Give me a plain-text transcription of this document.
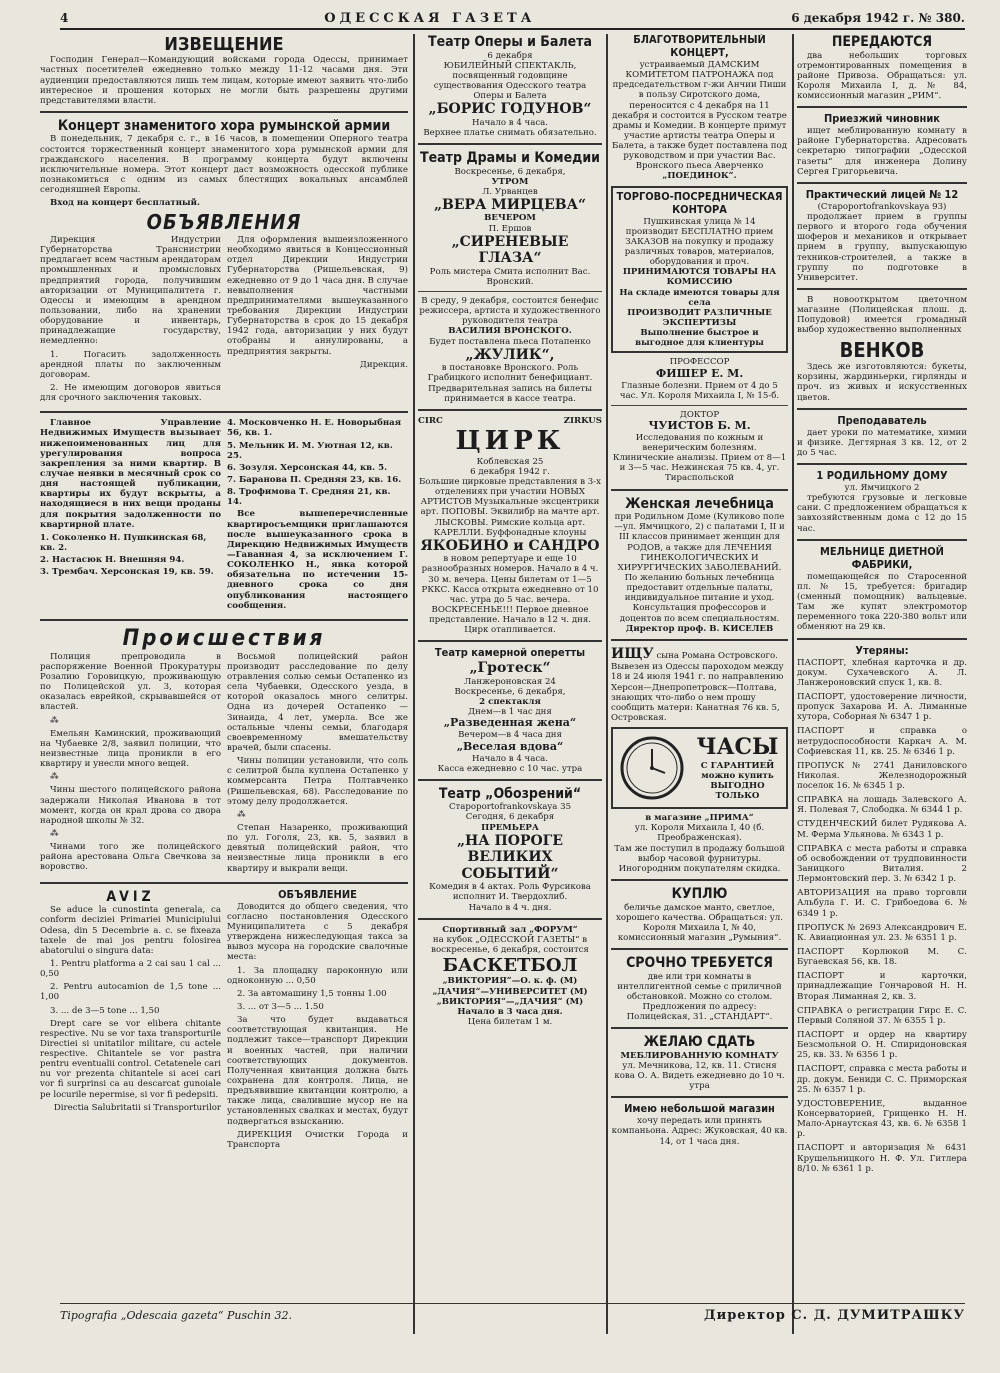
4	ОДЕССКАЯ ГАЗЕТА	6 декабря 1942 г. № 380.
ИЗВЕЩЕНИЕ

Господин Генерал—Командующий войсками города Одессы, принимает частных посетителей ежедневно только между 11-12 часами дня. Эти аудиенции предоставляются лишь тем лицам, которые имеют заявить что-либо интересное и прошения которых не могли быть разрешены другими представителями власти.

Концерт знаменитого хора румынской армии

В понедельник, 7 декабря с. г., в 16 часов, в помещении Оперного театра состоится торжественный концерт знаменитого хора румынской армии для гражданского населения. В программу концерта будут включены исключительные номера. Этот концерт даст возможность одесской публике познакомиться с одним из самых блестящих вокальных ансамблей сегодняшней Европы.

Вход на концерт бесплатный.

ОБЪЯВЛЕНИЯ

Дирекция Индустрии Губернаторства Транснистрии предлагает всем частным арендаторам промышленных и промысловых предприятий города, получившим авторизации от Муниципалитета г. Одессы и имеющим в арендном пользовании, либо на хранении оборудование и инвентарь, принадлежащие государству, немедленно:

1. Погасить задолженность арендной платы по заключенным договорам.

2. Не имеющим договоров явиться для срочного заключения таковых.

Для оформления вышеизложенного необходимо явиться в Концессионный отдел Дирекции Индустрии Губернаторства (Ришельевская, 9) ежедневно от 9 до 1 часа дня. В случае невыполнения частными предпринимателями вышеуказанного требования Дирекции Индустрии Губернаторства в срок до 15 декабря 1942 года, авторизации у них будут отобраны и аннулированы, а предприятия закрыты.

Дирекция.

Главное Управление Недвижимых Имуществ вызывает нижепоименованных лиц для урегулирования вопроса закрепления за ними квартир. В случае неявки в месячный срок со дня настоящей публикации, квартиры их будут вскрыты, а находящиеся в них вещи проданы для покрытия задолженности по квартирной плате.

1. Соколенко Н. Пушкинская 68, кв. 2.
2. Настасюк Н. Внешняя 94.
3. Трембач. Херсонская 19, кв. 59.
4. Московченко Н. Е. Новорыбная 56, кв. 1.
5. Мельник И. М. Уютная 12, кв. 25.
6. Зозуля. Херсонская 44, кв. 5.
7. Баранова П. Средняя 23, кв. 16.
8. Трофимова Т. Средняя 21, кв. 14.

Все вышеперечисленные квартиросъемщики приглашаются после вышеуказанного срока в Дирекцию Недвижимых Имуществ—Гаванная 4, за исключением Г. СОКОЛЕНКО Н., явка которой обязательна по истечении 15-дневного срока со дня опубликования настоящего сообщения.

Происшествия

Полиция препроводила в распоряжение Военной Прокуратуры Розалию Горовицкую, проживающую по Полицейской ул. 3, которая оказалась еврейкой, скрывавшейся от властей.

⁂

Емельян Каминский, проживающий на Чубаевке 2/8, заявил полиции, что неизвестные лица проникли в его квартиру и унесли много вещей.

⁂

Чины шестого полицейского района задержали Николая Иванова в тот момент, когда он крал дрова со двора народной школы № 32.

⁂

Чинами того же полицейского района арестована Ольга Свечкова за воровство.

Восьмой полицейский район производит расследование по делу отравления солью семьи Остапенко из села Чубаевки, Одесского уезда, в которой оказалось много селитры. Одна из дочерей Остапенко — Зинаида, 4 лет, умерла. Все же остальные члены семьи, благодаря своевременному вмешательству врачей, были спасены.

Чины полиции установили, что соль с селитрой была куплена Остапенко у коммерсанта Петра Полтавченко (Ришельевская, 68). Расследование по этому делу продолжается.

⁂

Степан Назаренко, проживающий по ул. Гоголя, 23, кв. 5, заявил в девятый полицейский район, что неизвестные лица проникли в его квартиру и выкрали вещи.

AVIZ

Se aduce la cunostinta generala, ca conform deciziei Primariei Municipiului Odesa, din 5 Decembrie a. c. se fixeaza taxele de mai jos pentru folosirea abatorului o singura data:

1. Pentru platforma a 2 cai sau 1 cal ... 0,50

2. Pentru autocamion de 1,5 tone ... 1,00

3. ... de 3—5 tone ... 1,50

Drept care se vor elibera chitante respective. Nu se vor taxa transporturile Directiei si unitatilor militare, cu actele respective. Chitantele se vor pastra pentru eventualii control. Cetatenele cari nu vor prezenta chitantele si acei cari vor fi surprinsi ca au descarcat gunoiale pe locurile nepermise, si vor fi pedepsiti.

Directia Salubritatii si Transporturilor

ОБЪЯВЛЕНИЕ

Доводится до общего сведения, что согласно постановления Одесского Муниципалитета с 5 декабря утверждена нижеследующая такса за вывоз мусора на городские свалочные места:

1. За площадку пароконную или одноконную ... 0,50

2. За автомашину 1,5 тонны 1.00

3. ... от 3—5 ... 1.50

За что будет выдаваться соответствующая квитанция. Не подлежит таксе—транспорт Дирекции и военных частей, при наличии соответствующих документов. Полученная квитанция должна быть сохранена для контроля. Лица, не предъявившие квитанции контролю, а также лица, свалившие мусор не на установленных свалках и местах, будут подвергаться взысканию.

ДИРЕКЦИЯ Очистки Города и Транспорта

Театр Оперы и Балета
6 декабря
ЮБИЛЕЙНЫЙ СПЕКТАКЛЬ, посвященный годовщине существования Одесского театра Оперы и Балета
„БОРИС ГОДУНОВ“
Начало в 4 часа.
Верхнее платье снимать обязательно.
Театр Драмы и Комедии
Воскресенье, 6 декабря,
УТРОМ
Л. Урванцев
„ВЕРА МИРЦЕВА“
ВЕЧЕРОМ
П. Ершов
„СИРЕНЕВЫЕ ГЛАЗА“
Роль мистера Смита исполнит Вас. Вронский.
В среду, 9 декабря, состоится бенефис режиссера, артиста и художественного руководителя театра
ВАСИЛИЯ ВРОНСКОГО.
Будет поставлена пьеса Потапенко
„ЖУЛИК“,
в постановке Вронского. Роль Грабицкого исполнит бенефициант. Предварительная запись на билеты принимается в кассе театра.
CIRC	ZIRKUS
ЦИРК
Коблевская 25
6 декабря 1942 г.
Большие цирковые представления в 3-х отделениях при участии НОВЫХ АРТИСТОВ Музыкальные эксцентрики арт. ПОПОВЫ. Эквилибр на мачте арт. ЛЫСКОВЫ. Римские кольца арт. КАРЕЛЛИ. Буффонадные клоуны
ЯКОБИНО и САНДРО
в новом репертуаре и еще 10 разнообразных номеров. Начало в 4 ч. 30 м. вечера. Цены билетам от 1—5 РККС. Касса открыта ежедневно от 10 час. утра до 5 час. вечера. ВОСКРЕСЕНЬЕ!!! Первое дневное представление. Начало в 12 ч. дня. Цирк отапливается.
Театр камерной оперетты
„Гротеск“
Ланжероновская 24
Воскресенье, 6 декабря,
2 спектакля
Днем—в 1 час дня
„Разведенная жена“
Вечером—в 4 часа дня
„Веселая вдова“
Начало в 4 часа.
Касса ежедневно с 10 час. утра
Театр „Обозрений“
Староportofrankovskaya 35
Сегодня, 6 декабря
ПРЕМЬЕРА
„НА ПОРОГЕ ВЕЛИКИХ СОБЫТИЙ“
Комедия в 4 актах. Роль Фурсикова исполнит И. Твердохлиб.
Начало в 4 ч. дня.
Спортивный зал „ФОРУМ“
на кубок „ОДЕССКОЙ ГАЗЕТЫ“ в воскресенье, 6 декабря, состоится
БАСКЕТБОЛ
„ВИКТОРИЯ“—О. к. ф. (М)
„ДАЧИЯ“—УНИВЕРСИТЕТ (М)
„ВИКТОРИЯ“—„ДАЧИЯ“ (М)
Начало в 3 часа дня.
Цена билетам 1 м.
БЛАГОТВОРИТЕЛЬНЫЙ КОНЦЕРТ,
устраиваемый ДАМСКИМ КОМИТЕТОМ ПАТРОНАЖА под председательством г-жи Анчии Пиши в пользу Сиротского дома, переносится с 4 декабря на 11 декабря и состоится в Русском театре драмы и Комедии. В концерте примут участие артисты театра Оперы и Балета, а также будет поставлена под руководством и при участии Вас. Вронского пьеса Аверченко
„ПОЕДИНОК“.
ТОРГОВО-ПОСРЕДНИЧЕСКАЯ КОНТОРА
Пушкинская улица № 14 производит БЕСПЛАТНО прием ЗАКАЗОВ на покупку и продажу различных товаров, материалов, оборудования и проч.
ПРИНИМАЮТСЯ ТОВАРЫ НА КОМИССИЮ
На складе имеются товары для села
ПРОИЗВОДИТ РАЗЛИЧНЫЕ ЭКСПЕРТИЗЫ
Выполнение быстрое и выгодное для клиентуры
ПРОФЕССОР
ФИШЕР Е. М.
Глазные болезни. Прием от 4 до 5 час. Ул. Короля Михаила I, № 15-б.
ДОКТОР
ЧУИСТОВ Б. М.
Исследования по кожным и венерическим болезням. Клинические анализы. Прием от 8—1 и 3—5 час. Нежинская 75 кв. 4, уг. Тираспольской
Женская лечебница
при Родильном Доме (Куликово поле—ул. Ямчицкого, 2) с палатами I, II и III классов принимает женщин для РОДОВ, а также для ЛЕЧЕНИЯ ГИНЕКОЛОГИЧЕСКИХ И ХИРУРГИЧЕСКИХ ЗАБОЛЕВАНИЙ. По желанию больных лечебница предоставит отдельные палаты, индивидуальное питание и уход. Консультация профессоров и доцентов по всем специальностям.
Директор проф. В. КИСЕЛЕВ
ИЩУ сына Романа Островского. Вывезен из Одессы пароходом между 18 и 24 июля 1941 г. по направлению Херсон—Днепропетровск—Полтава, знающих что-либо о нем прошу сообщить матери: Канатная 76 кв. 5, Островская.
ЧАСЫ
С ГАРАНТИЕЙ можно купить ВЫГОДНО ТОЛЬКО
в магазине „ПРИМА“
ул. Короля Михаила I, 40 (б. Преображенская).
Там же поступил в продажу большой выбор часовой фурнитуры. Иногородним покупателям скидка.
КУПЛЮ
беличье дамское манто, светлое, хорошего качества. Обращаться: ул. Короля Михаила I, № 40, комиссионный магазин „Румыния“.
СРОЧНО ТРЕБУЕТСЯ
две или три комнаты в интеллигентной семье с приличной обстановкой. Можно со столом. Предложения по адресу: Полицейская, 31. „СТАНДАРТ“.
ЖЕЛАЮ СДАТЬ
МЕБЛИРОВАННУЮ КОМНАТУ
ул. Мечникова, 12, кв. 11. Стисня кова О. А. Видеть ежедневно до 10 ч. утра
Имею небольшой магазин
хочу передать или принять компаньона. Адрес: Жуковская, 40 кв. 14, от 1 часа дня.
ПЕРЕДАЮТСЯ

два небольших торговых отремонтированных помещения в районе Привоза. Обращаться: ул. Короля Михаила I, д. № 84, комиссионный магазин „РИМ“.

Приезжий чиновник

ищет меблированную комнату в районе Губернаторства. Адресовать секретарю типографии „Одесской газеты“ для инженера Долину Сергея Григорьевича.

Практический лицей № 12
(Староportofrankovskaya 93)

продолжает прием в группы первого и второго года обучения шоферов и механиков и открывает прием в группу, выпускающую техников-строителей, а также в группу по подготовке в Университет.

В новооткрытом цветочном магазине (Полицейская плош. д. Попудовой) имеется громадный выбор художественно выполненных

ВЕНКОВ

Здесь же изготовляются: букеты, корзины, жардиньерки, гирлянды и проч. из живых и искусственных цветов.

Преподаватель

дает уроки по математике, химии и физике. Дегтярная 3 кв. 12, от 2 до 5 час.

1 РОДИЛЬНОМУ ДОМУ
ул. Ямчицкого 2

требуются грузовые и легковые сани. С предложением обращаться к завхозяйственным дома с 12 до 15 час.

МЕЛЬНИЦЕ ДИЕТНОЙ ФАБРИКИ,

помещающейся по Старосенной пл. № 15, требуется: бригадир (сменный помощник) вальцевые. Там же купят электромотор переменного тока 220-380 вольт или обменяют на 29 кв.

Утеряны:

ПАСПОРТ, хлебная карточка и др. докум. Сухачевского А. Л. Ланжероновский спуск 1, кв. 8.

ПАСПОРТ, удостоверение личности, пропуск Захарова И. А. Лиманные хутора, Соборная № 6347 1 р.

ПАСПОРТ и справка о нетрудоспособности Каркач А. М. Софиевская 11, кв. 25. № 6346 1 р.

ПРОПУСК № 2741 Даниловского Николая. Железнодорожный поселок 16. № 6345 1 р.

СПРАВКА на лошадь Залевского А. Я. Полевая 7, Слободка. № 6344 1 р.

СТУДЕНЧЕСКИЙ билет Рудякова А. М. Ферма Ульянова. № 6343 1 р.

СПРАВКА с места работы и справка об освобождении от трудповинности Заницкого Виталия. 2 Лермонтовский пер. 3. № 6342 1 р.

АВТОРИЗАЦИЯ на право торговли Альбула Г. И. С. Грибоедова 6. № 6349 1 р.

ПРОПУСК № 2693 Александрович Е. К. Авиационная ул. 23. № 6351 1 р.

ПАСПОРТ Корлюкой М. С. Бугаевская 56, кв. 18.

ПАСПОРТ и карточки, принадлежащие Гончаровой Н. Н. Вторая Лиманная 2, кв. 3.

СПРАВКА о регистрации Гирс Е. С. Первый Соляной 37. № 6355 1 р.

ПАСПОРТ и ордер на квартиру Безсмольной О. Н. Спиридоновская 25, кв. 33. № 6356 1 р.

ПАСПОРТ, справка с места работы и др. докум. Бениди С. С. Приморская 25. № 6357 1 р.

УДОСТОВЕРЕНИЕ, выданное Консерваторией, Грищенко Н. Н. Мало-Арнаутская 43, кв. 6. № 6358 1 р.

ПАСПОРТ и авторизация № 6431 Крушельницкого Н. Ф. Ул. Гитлера 8/10. № 6361 1 р.

Tipografia „Odescaia gazeta“ Puschin 32.	Директор С. Д. ДУМИТРАШКУ
